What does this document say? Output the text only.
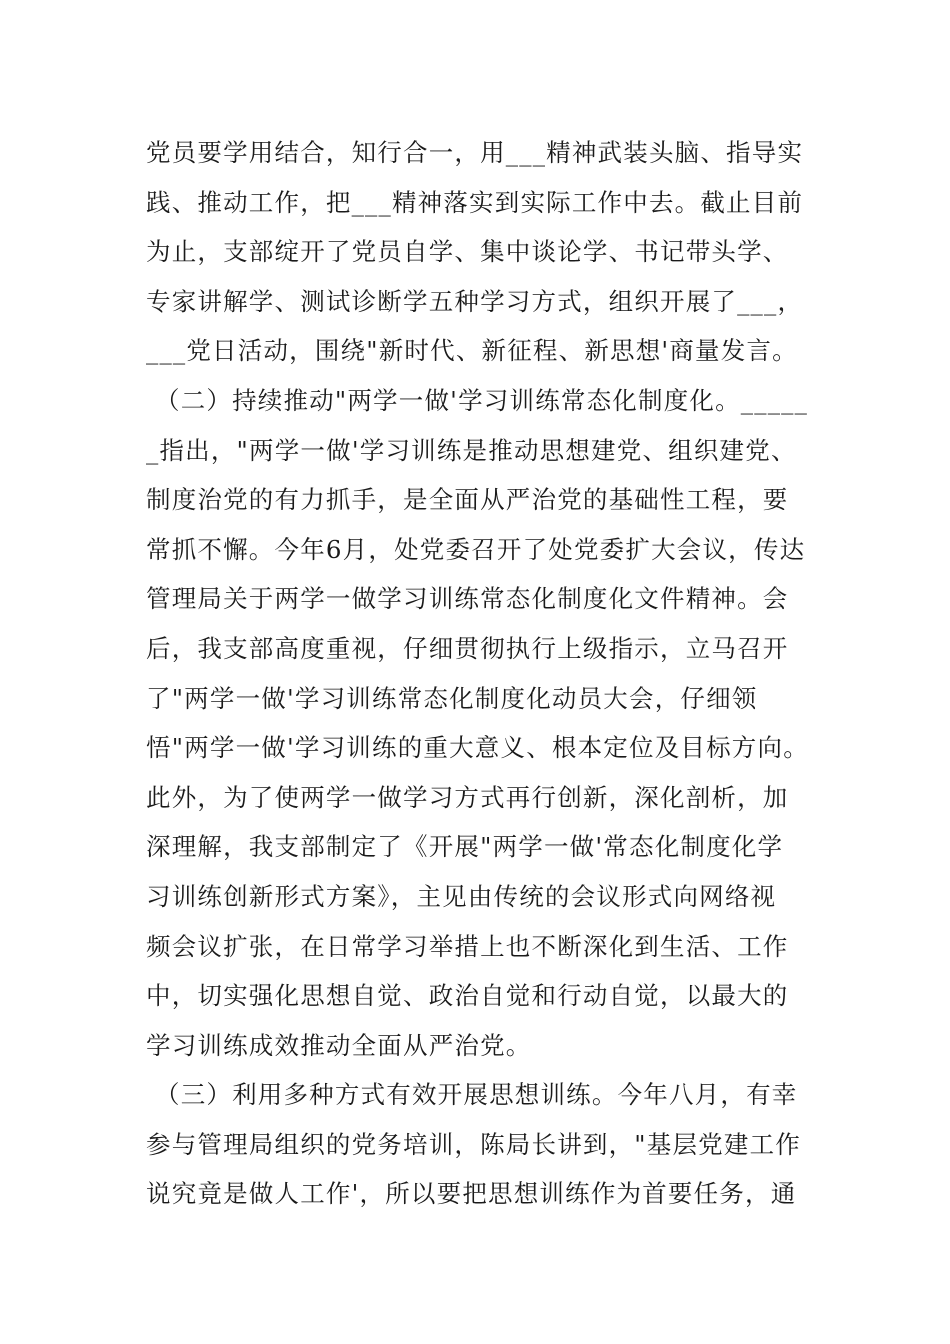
党员要学用结合，知行合一，用___精神武装头脑、指导实
践、推动工作，把___精神落实到实际工作中去。截止目前
为止，支部绽开了党员自学、集中谈论学、书记带头学、
专家讲解学、测试诊断学五种学习方式，组织开展了___，
___党日活动，围绕"新时代、新征程、新思想'商量发言。
（二）持续推动"两学一做'学习训练常态化制度化。_____
_指出，"两学一做'学习训练是推动思想建党、组织建党、
制度治党的有力抓手，是全面从严治党的基础性工程，要
常抓不懈。今年6月，处党委召开了处党委扩大会议，传达
管理局关于两学一做学习训练常态化制度化文件精神。会
后，我支部高度重视，仔细贯彻执行上级指示，立马召开
了"两学一做'学习训练常态化制度化动员大会，仔细领
悟"两学一做'学习训练的重大意义、根本定位及目标方向。
此外，为了使两学一做学习方式再行创新，深化剖析，加
深理解，我支部制定了《开展"两学一做'常态化制度化学
习训练创新形式方案》，主见由传统的会议形式向网络视
频会议扩张，在日常学习举措上也不断深化到生活、工作
中，切实强化思想自觉、政治自觉和行动自觉，以最大的
学习训练成效推动全面从严治党。
（三）利用多种方式有效开展思想训练。今年八月，有幸
参与管理局组织的党务培训，陈局长讲到，"基层党建工作
说究竟是做人工作'，所以要把思想训练作为首要任务，通
